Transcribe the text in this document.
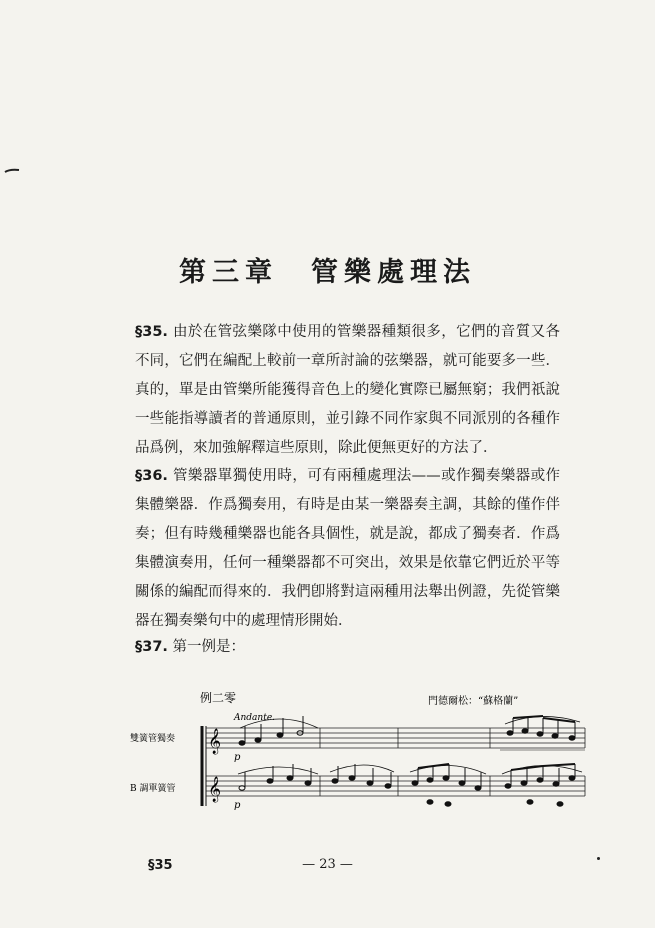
第三章　管樂處理法
§35. 由於在管弦樂隊中使用的管樂器種類很多，它們的音質又各不同，它們在編配上較前一章所討論的弦樂器，就可能要多一些．真的，單是由管樂所能獲得音色上的變化實際已屬無窮；我們祇說一些能指導讀者的普通原則，並引錄不同作家與不同派別的各種作品爲例，來加強解釋這些原則，除此便無更好的方法了．
§36. 管樂器單獨使用時，可有兩種處理法——或作獨奏樂器或作集體樂器．作爲獨奏用，有時是由某一樂器奏主調，其餘的僅作伴奏；但有時幾種樂器也能各具個性，就是說，都成了獨奏者．作爲集體演奏用，任何一種樂器都不可突出，效果是依靠它們近於平等關係的編配而得來的．我們卽將對這兩種用法舉出例證，先從管樂器在獨奏樂句中的處理情形開始．
§37. 第一例是：
例二零	門德爾松：“蘇格蘭”
Andante.
雙簧管獨奏
B 調單簧管
𝄞
𝄞
p
p
§35	— 23 —
